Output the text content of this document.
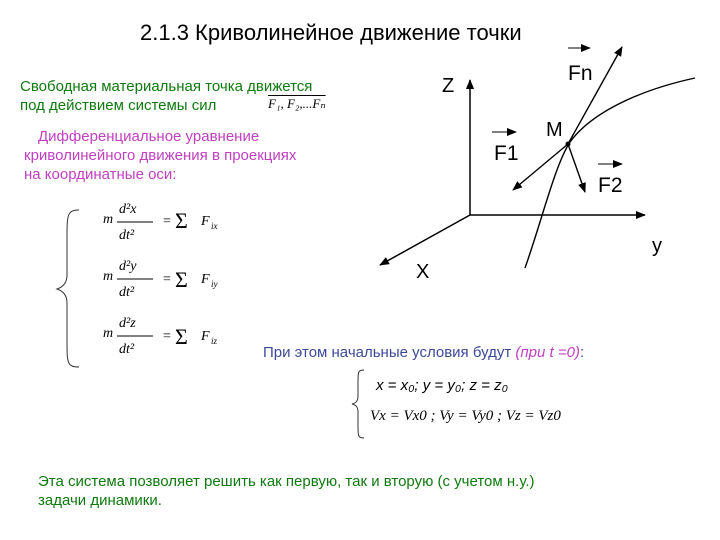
2.1.3 Криволинейное движение точки
Свободная материальная точка движется
под действием системы сил	F₁, F₂,...Fₙ
Дифференциальное уравнение
криволинейного движения в проекциях
на координатные оси:
m
d²x
dt²
= Σ F ix
m
d²y
dt²
= Σ F iy
m
d²z
dt²
= Σ F iz
Z
y
X
M
Fn
F1
F2
При этом начальные условия будут (при t =0):
x = x₀; y = y₀; z = z₀
Vx = Vx0 ; Vy = Vy0 ; Vz = Vz0
Эта система позволяет решить как первую, так и вторую (с учетом н.у.)
задачи динамики.
